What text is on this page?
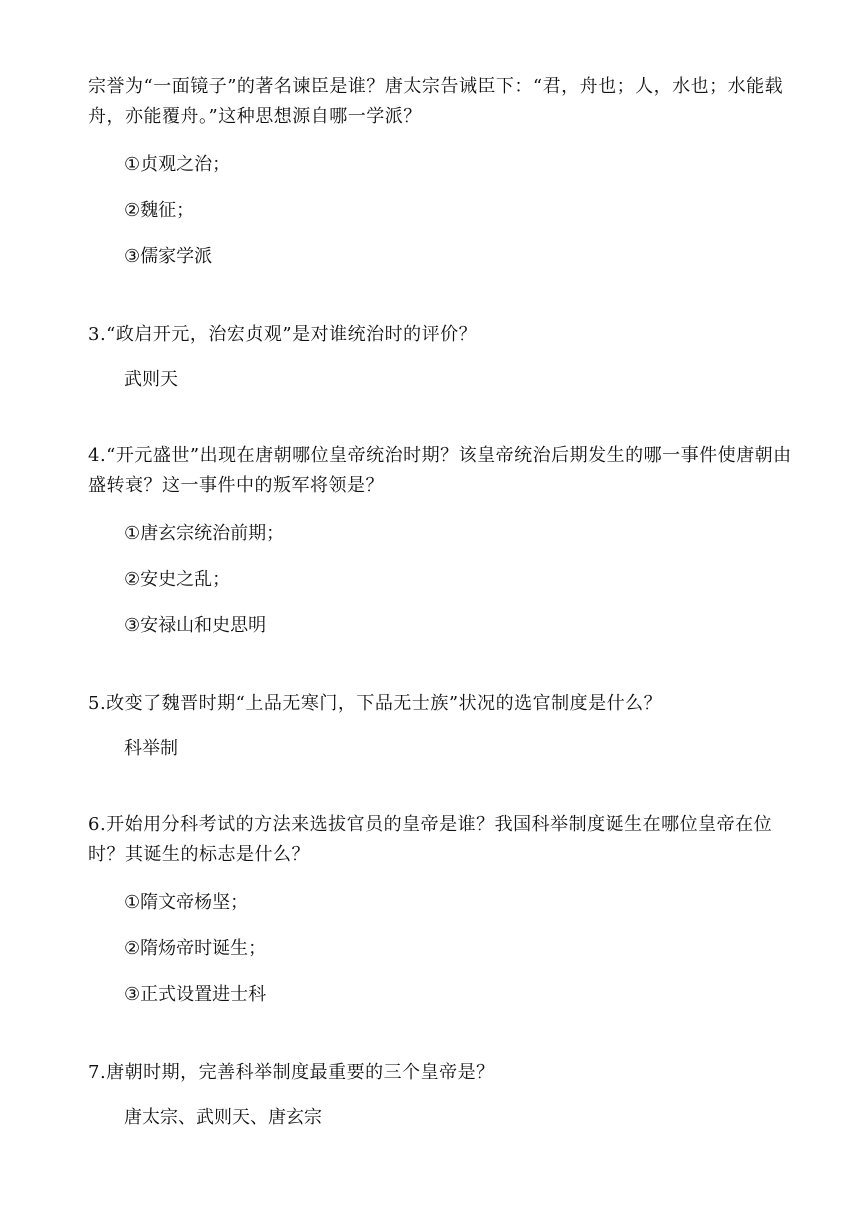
宗誉为“一面镜子”的著名谏臣是谁？唐太宗告诫臣下：“君，舟也；人，水也；水能载舟，亦能覆舟。”这种思想源自哪一学派？
①贞观之治；
②魏征；
③儒家学派
3.“政启开元，治宏贞观”是对谁统治时的评价？
武则天
4.“开元盛世”出现在唐朝哪位皇帝统治时期？该皇帝统治后期发生的哪一事件使唐朝由盛转衰？这一事件中的叛军将领是？
①唐玄宗统治前期；
②安史之乱；
③安禄山和史思明
5.改变了魏晋时期“上品无寒门，下品无士族”状况的选官制度是什么？
科举制
6.开始用分科考试的方法来选拔官员的皇帝是谁？我国科举制度诞生在哪位皇帝在位时？其诞生的标志是什么？
①隋文帝杨坚；
②隋炀帝时诞生；
③正式设置进士科
7.唐朝时期，完善科举制度最重要的三个皇帝是？
唐太宗、武则天、唐玄宗
